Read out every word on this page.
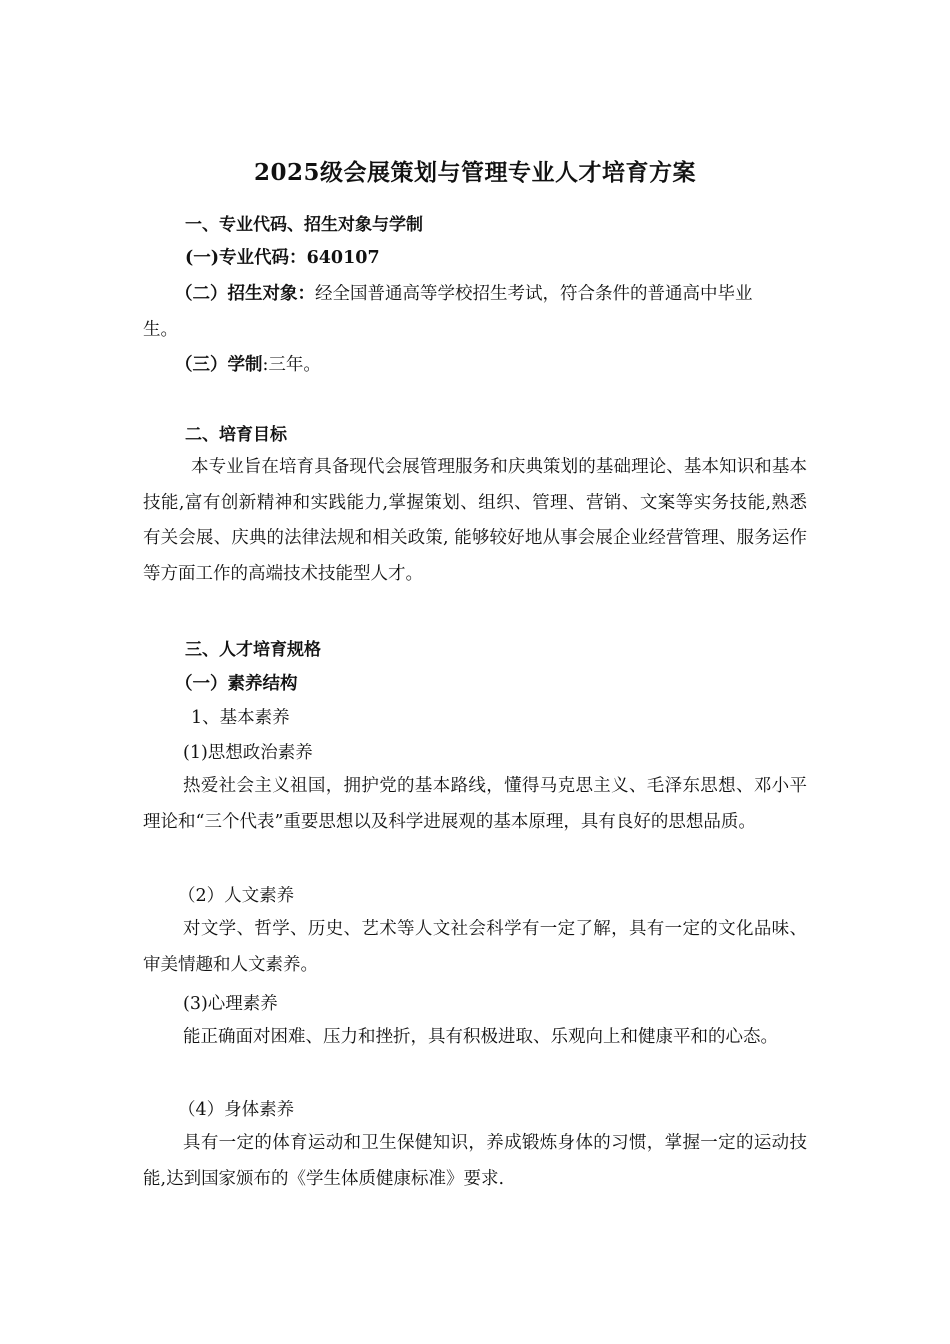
2025级会展策划与管理专业人才培育方案
一、专业代码、招生对象与学制
(一)专业代码：640107
（二）招生对象：经全国普通高等学校招生考试，符合条件的普通高中毕业
生。
（三）学制:三年。
二、培育目标
本专业旨在培育具备现代会展管理服务和庆典策划的基础理论、基本知识和基本技能,富有创新精神和实践能力,掌握策划、组织、管理、营销、文案等实务技能,熟悉有关会展、庆典的法律法规和相关政策, 能够较好地从事会展企业经营管理、服务运作等方面工作的高端技术技能型人才。
三、人才培育规格
（一）素养结构
1、基本素养
(1)思想政治素养
热爱社会主义祖国，拥护党的基本路线，懂得马克思主义、毛泽东思想、邓小平理论和“三个代表”重要思想以及科学进展观的基本原理，具有良好的思想品质。
（2）人文素养
对文学、哲学、历史、艺术等人文社会科学有一定了解，具有一定的文化品味、审美情趣和人文素养。
(3)心理素养
能正确面对困难、压力和挫折，具有积极进取、乐观向上和健康平和的心态。
（4）身体素养
具有一定的体育运动和卫生保健知识，养成锻炼身体的习惯，掌握一定的运动技能,达到国家颁布的《学生体质健康标准》要求.
